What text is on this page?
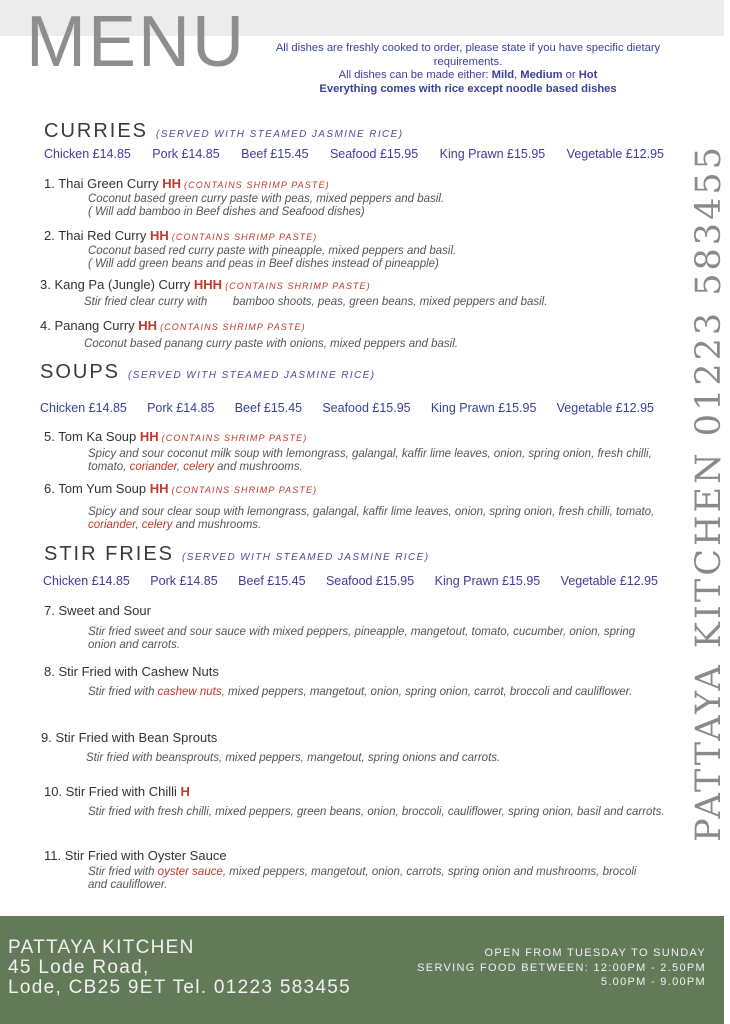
MENU	All dishes are freshly cooked to order, please state if you have specific dietary requirements.
All dishes can be made either: Mild, Medium or Hot
Everything comes with rice except noodle based dishes
PATTAYA KITCHEN 01223 583455
CURRIES (SERVED WITH STEAMED JASMINE RICE)
Chicken £14.85 Pork £14.85 Beef £15.45 Seafood £15.95 King Prawn £15.95 Vegetable £12.95
1. Thai Green Curry HH (CONTAINS SHRIMP PASTE)
Coconut based green curry paste with peas, mixed peppers and basil.
( Will add bamboo in Beef dishes and Seafood dishes)
2. Thai Red Curry HH (CONTAINS SHRIMP PASTE)
Coconut based red curry paste with pineapple, mixed peppers and basil.
( Will add green beans and peas in Beef dishes instead of pineapple)
3. Kang Pa (Jungle) Curry HHH (CONTAINS SHRIMP PASTE)
Stir fried clear curry with        bamboo shoots, peas, green beans, mixed peppers and basil.
4. Panang Curry HH (CONTAINS SHRIMP PASTE)
Coconut based panang curry paste with onions, mixed peppers and basil.
SOUPS (SERVED WITH STEAMED JASMINE RICE)
Chicken £14.85 Pork £14.85 Beef £15.45 Seafood £15.95 King Prawn £15.95 Vegetable £12.95
5. Tom Ka Soup HH (CONTAINS SHRIMP PASTE)
Spicy and sour coconut milk soup with lemongrass, galangal, kaffir lime leaves, onion, spring onion, fresh chilli, tomato, coriander, celery and mushrooms.
6. Tom Yum Soup HH (CONTAINS SHRIMP PASTE)
Spicy and sour clear soup with lemongrass, galangal, kaffir lime leaves, onion, spring onion, fresh chilli, tomato, coriander, celery and mushrooms.
STIR FRIES (SERVED WITH STEAMED JASMINE RICE)
Chicken £14.85 Pork £14.85 Beef £15.45 Seafood £15.95 King Prawn £15.95 Vegetable £12.95
7. Sweet and Sour
Stir fried sweet and sour sauce with mixed peppers, pineapple, mangetout, tomato, cucumber, onion, spring onion and carrots.
8. Stir Fried with Cashew Nuts
Stir fried with cashew nuts, mixed peppers, mangetout, onion, spring onion, carrot, broccoli and cauliflower.
9. Stir Fried with Bean Sprouts
Stir fried with beansprouts, mixed peppers, mangetout, spring onions and carrots.
10. Stir Fried with Chilli H
Stir fried with fresh chilli, mixed peppers, green beans, onion, broccoli, cauliflower, spring onion, basil and carrots.
11. Stir Fried with Oyster Sauce
Stir fried with oyster sauce, mixed peppers, mangetout, onion, carrots, spring onion and mushrooms, brocoli and cauliflower.
PATTAYA KITCHEN
45 Lode Road,
Lode, CB25 9ET Tel. 01223 583455
OPEN FROM TUESDAY TO SUNDAY
SERVING FOOD BETWEEN: 12:00PM - 2.50PM
5.00PM - 9.00PM
